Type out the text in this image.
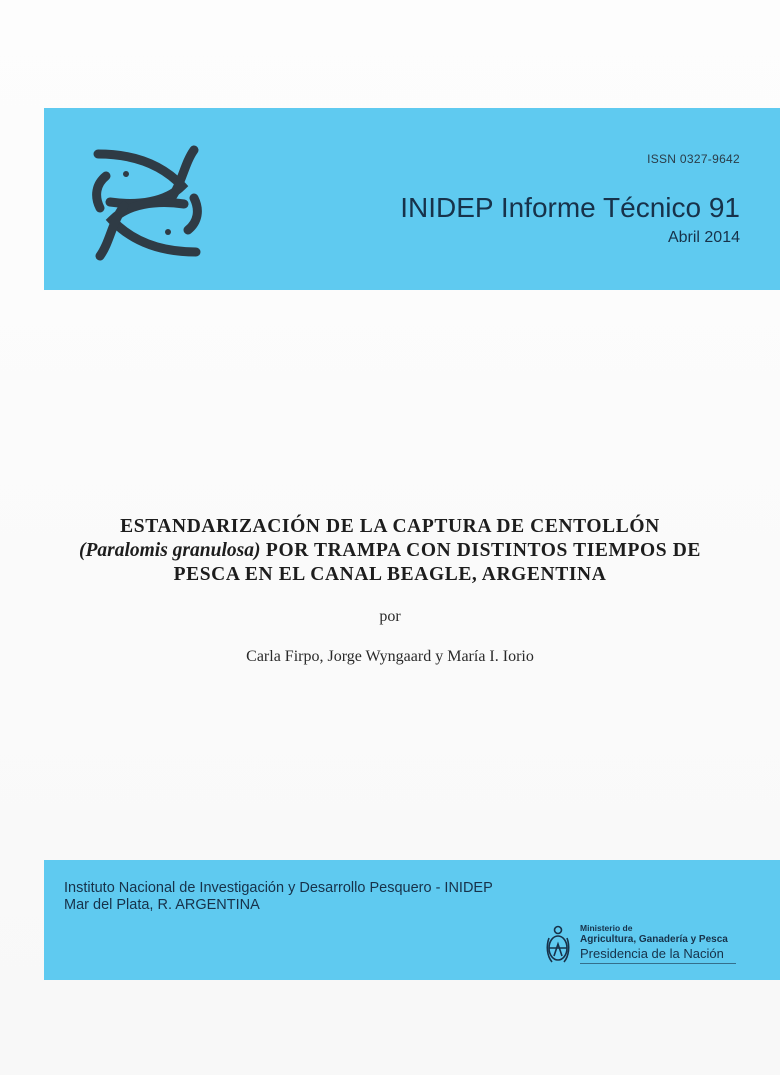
ISSN 0327-9642
INIDEP Informe Técnico 91
Abril 2014
ESTANDARIZACIÓN DE LA CAPTURA DE CENTOLLÓN
(Paralomis granulosa) POR TRAMPA CON DISTINTOS TIEMPOS DE
PESCA EN EL CANAL BEAGLE, ARGENTINA
por
Carla Firpo, Jorge Wyngaard y María I. Iorio
Instituto Nacional de Investigación y Desarrollo Pesquero - INIDEP
Mar del Plata, R. ARGENTINA
Ministerio de
Agricultura, Ganadería y Pesca
Presidencia de la Nación
